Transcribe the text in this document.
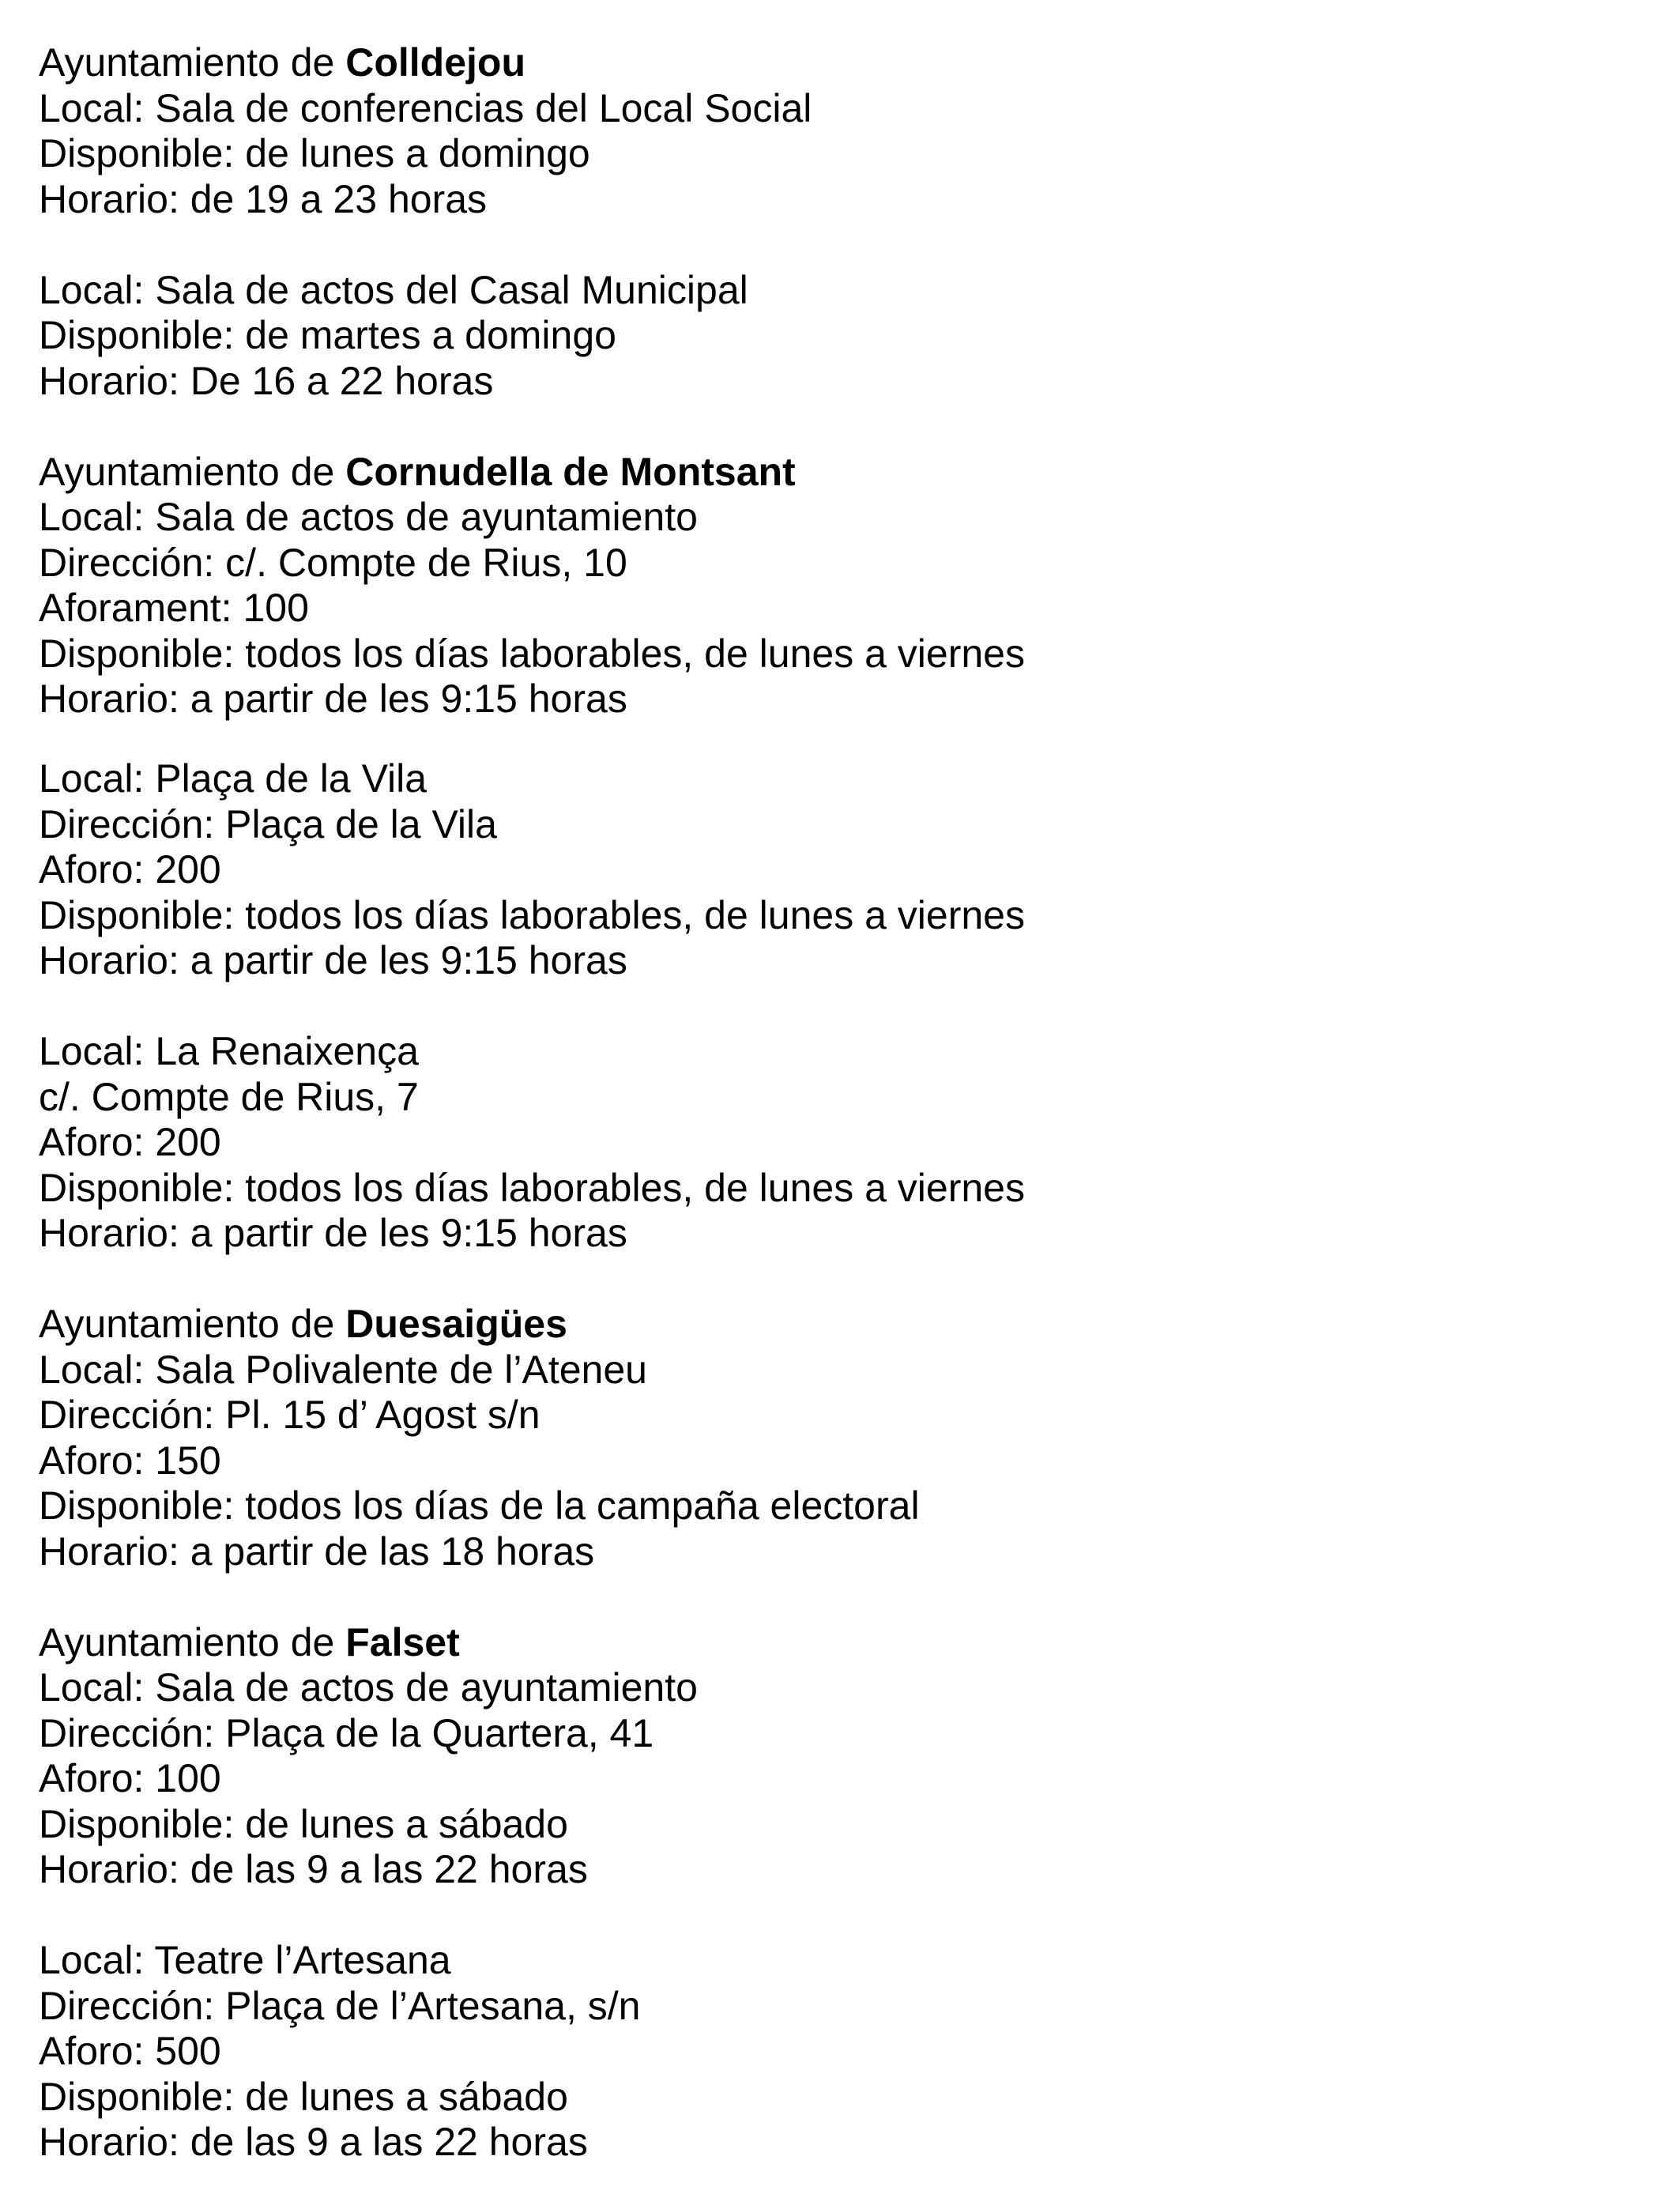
Ayuntamiento de Colldejou
Local: Sala de conferencias del Local Social
Disponible: de lunes a domingo
Horario: de 19 a 23 horas
Local: Sala de actos del Casal Municipal
Disponible: de martes a domingo
Horario: De 16 a 22 horas
Ayuntamiento de Cornudella de Montsant
Local: Sala de actos de ayuntamiento
Dirección: c/. Compte de Rius, 10
Aforament: 100
Disponible: todos los días laborables, de lunes a viernes
Horario: a partir de les 9:15 horas
Local: Plaça de la Vila
Dirección: Plaça de la Vila
Aforo: 200
Disponible: todos los días laborables, de lunes a viernes
Horario: a partir de les 9:15 horas
Local: La Renaixença
c/. Compte de Rius, 7
Aforo: 200
Disponible: todos los días laborables, de lunes a viernes
Horario: a partir de les 9:15 horas
Ayuntamiento de Duesaigües
Local: Sala Polivalente de l’Ateneu
Dirección: Pl. 15 d’ Agost s/n
Aforo: 150
Disponible: todos los días de la campaña electoral
Horario: a partir de las 18 horas
Ayuntamiento de Falset
Local: Sala de actos de ayuntamiento
Dirección: Plaça de la Quartera, 41
Aforo: 100
Disponible: de lunes a sábado
Horario: de las 9 a las 22 horas
Local: Teatre l’Artesana
Dirección: Plaça de l’Artesana, s/n
Aforo: 500
Disponible: de lunes a sábado
Horario: de las 9 a las 22 horas
